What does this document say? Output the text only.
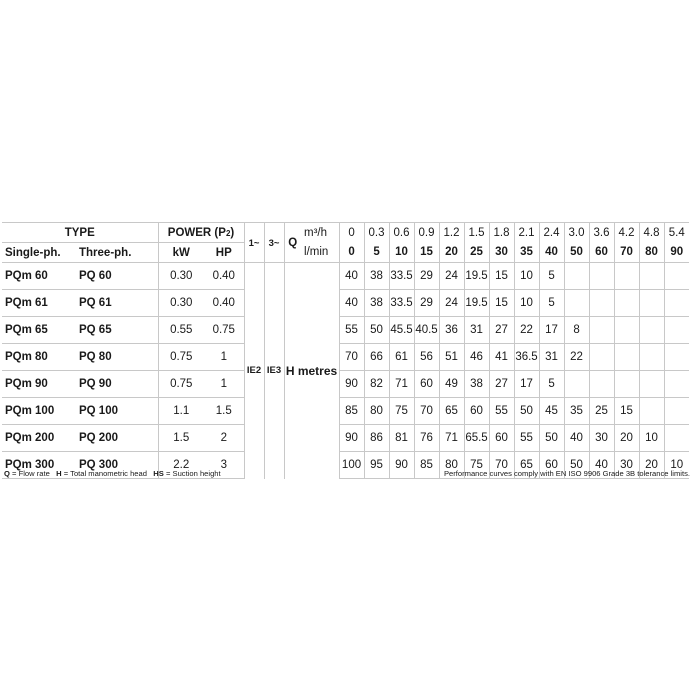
TYPE		POWER (P2)		1~	3~	Q	m³/h	0	0.3	0.6	0.9	1.2	1.5	1.8	2.1	2.4	3.0	3.6	4.2	4.8	5.4
Single-ph.	Three-ph.	kW	HP				l/min	0	5	10	15	20	25	30	35	40	50	60	70	80	90
PQm 60	PQ 60	0.30	0.40	IE2	IE3	H metres		40	38	33.5	29	24	19.5	15	10	5					
PQm 61	PQ 61	0.30	0.40					40	38	33.5	29	24	19.5	15	10	5					
PQm 65	PQ 65	0.55	0.75					55	50	45.5	40.5	36	31	27	22	17	8				
PQm 80	PQ 80	0.75	1					70	66	61	56	51	46	41	36.5	31	22				
PQm 90	PQ 90	0.75	1					90	82	71	60	49	38	27	17	5					
PQm 100	PQ 100	1.1	1.5					85	80	75	70	65	60	55	50	45	35	25	15		
PQm 200	PQ 200	1.5	2					90	86	81	76	71	65.5	60	55	50	40	30	20	10	
PQm 300	PQ 300	2.2	3					100	95	90	85	80	75	70	65	60	50	40	30	20	10
Q = Flow rate   H = Total manometric head   HS = Suction height	Performance curves comply with EN ISO 9906 Grade 3B tolerance limits.
